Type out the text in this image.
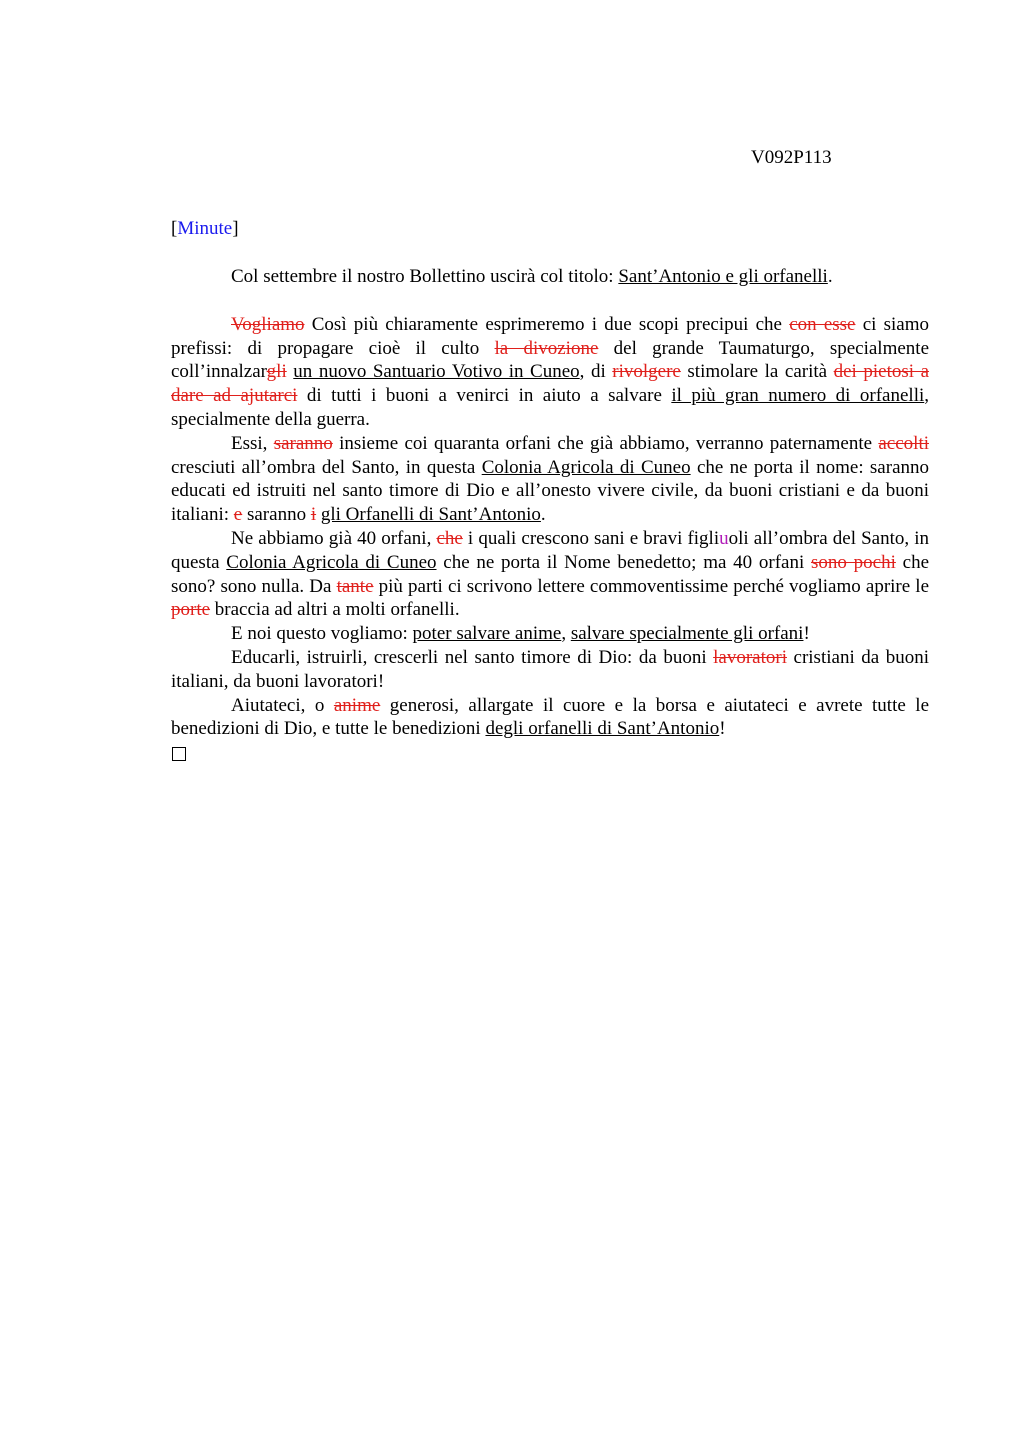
V092P113
[Minute]

Col settembre il nostro Bollettino uscirà col titolo: Sant’Antonio e gli orfanelli.

Vogliamo Così più chiaramente esprimeremo i due scopi precipui che con esse ci siamo prefissi: di propagare cioè il culto la divozione del grande Taumaturgo, specialmente coll’innalzargli un nuovo Santuario Votivo in Cuneo, di rivolgere stimolare la carità dei pietosi a dare ad ajutarci di tutti i buoni a venirci in aiuto a salvare il più gran numero di orfanelli, specialmente della guerra.

Essi, saranno insieme coi quaranta orfani che già abbiamo, verranno paternamente accolti cresciuti all’ombra del Santo, in questa Colonia Agricola di Cuneo che ne porta il nome: saranno educati ed istruiti nel santo timore di Dio e all’onesto vivere civile, da buoni cristiani e da buoni italiani: e saranno i gli Orfanelli di Sant’Antonio.

Ne abbiamo già 40 orfani, che i quali crescono sani e bravi figliuoli all’ombra del Santo, in questa Colonia Agricola di Cuneo che ne porta il Nome benedetto; ma 40 orfani sono pochi che sono? sono nulla. Da tante più parti ci scrivono lettere commoventissime perché vogliamo aprire le porte braccia ad altri a molti orfanelli.

E noi questo vogliamo: poter salvare anime, salvare specialmente gli orfani!

Educarli, istruirli, crescerli nel santo timore di Dio: da buoni lavoratori cristiani da buoni italiani, da buoni lavoratori!

Aiutateci, o anime generosi, allargate il cuore e la borsa e aiutateci e avrete tutte le benedizioni di Dio, e tutte le benedizioni degli orfanelli di Sant’Antonio!
